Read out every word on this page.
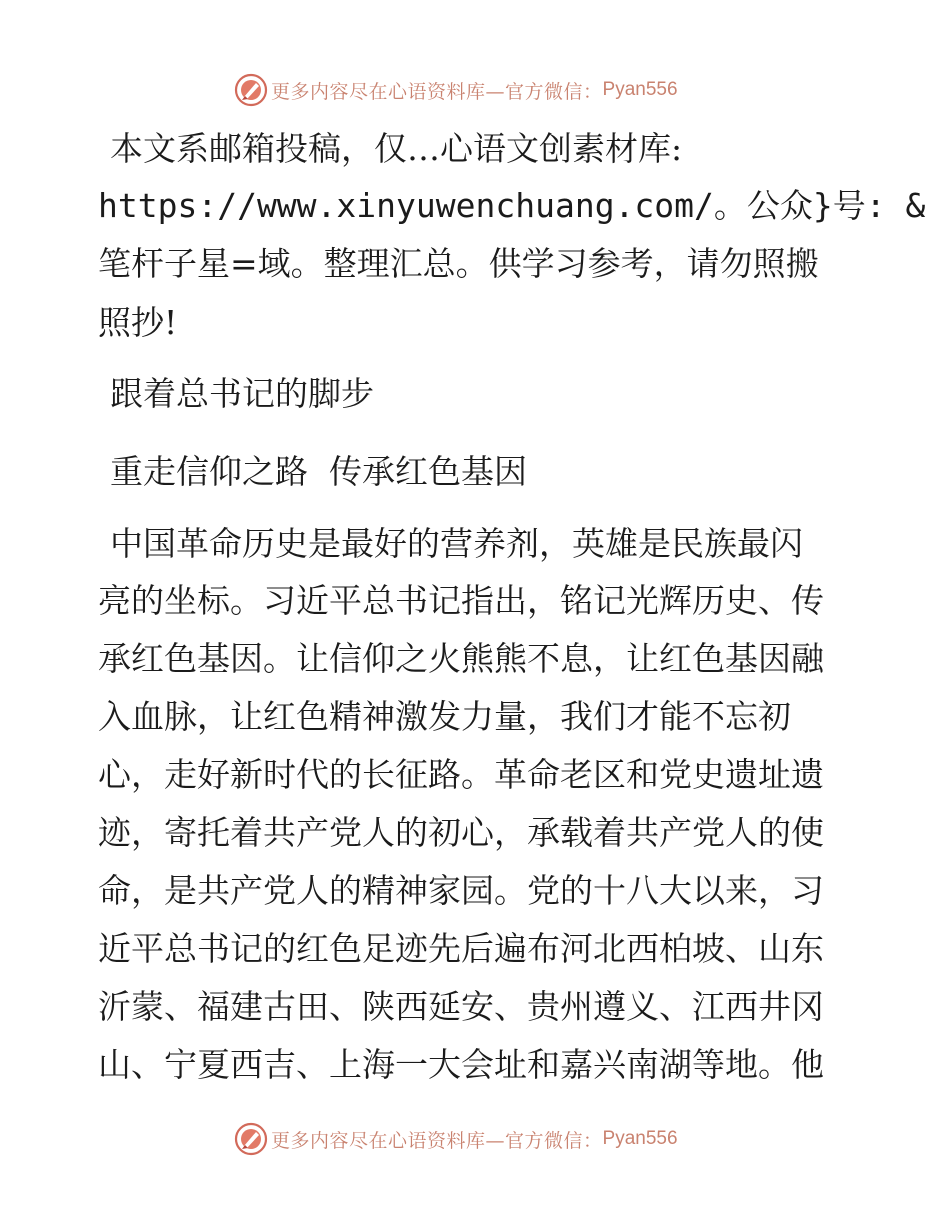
更多内容尽在心语资料库—官方微信： Pyan556
本文系邮箱投稿，仅…心语文创素材库:
https://www.xinyuwenchuang.com/。公众}号: &
笔杆子星=域。整理汇总。供学习参考，请勿照搬
照抄!
跟着总书记的脚步
重走信仰之路  传承红色基因
中国革命历史是最好的营养剂，英雄是民族最闪
亮的坐标。习近平总书记指出，铭记光辉历史、传
承红色基因。让信仰之火熊熊不息，让红色基因融
入血脉，让红色精神激发力量，我们才能不忘初
心，走好新时代的长征路。革命老区和党史遗址遗
迹，寄托着共产党人的初心，承载着共产党人的使
命，是共产党人的精神家园。党的十八大以来，习
近平总书记的红色足迹先后遍布河北西柏坡、山东
沂蒙、福建古田、陕西延安、贵州遵义、江西井冈
山、宁夏西吉、上海一大会址和嘉兴南湖等地。他
更多内容尽在心语资料库—官方微信： Pyan556
